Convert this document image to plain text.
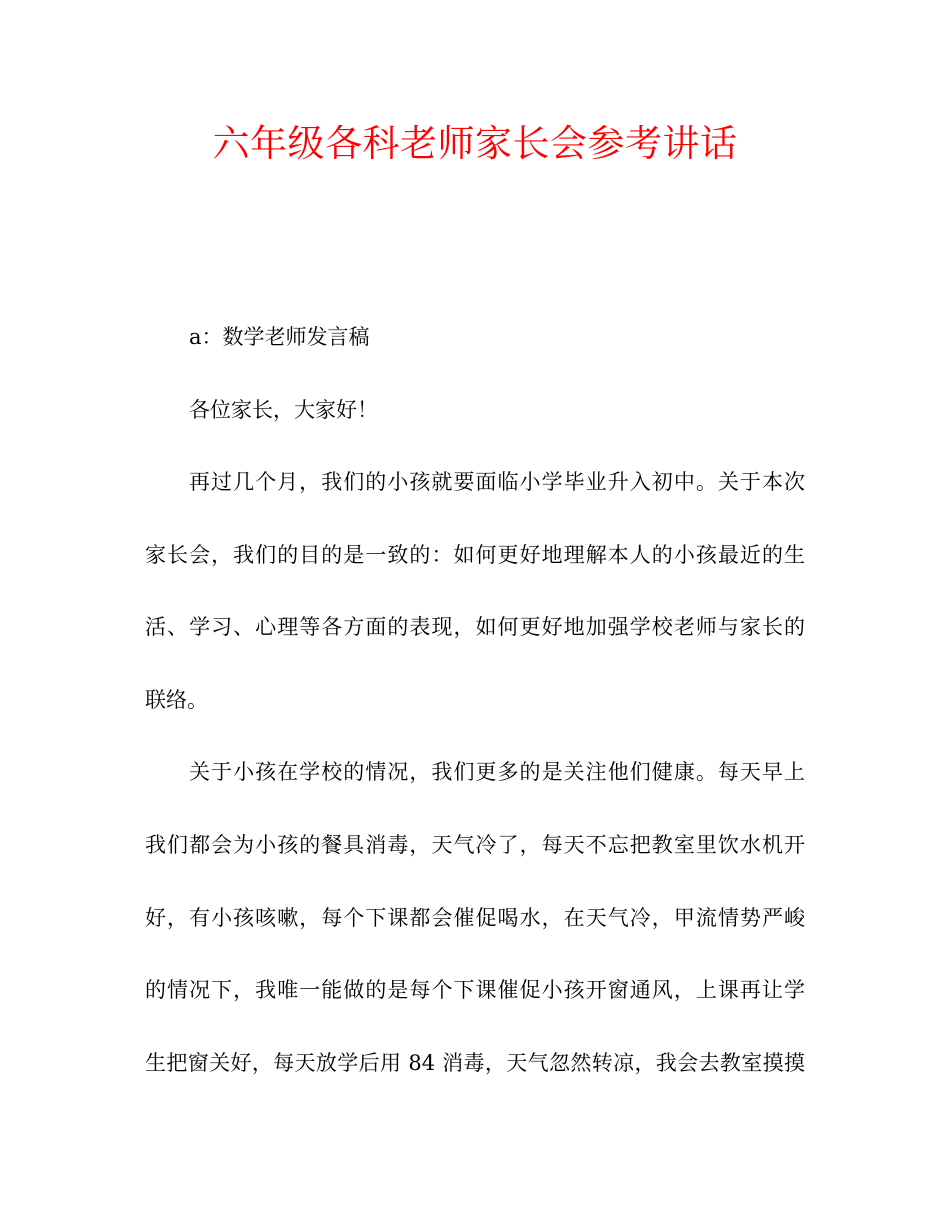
六年级各科老师家长会参考讲话

a：数学老师发言稿

各位家长，大家好！

再过几个月，我们的小孩就要面临小学毕业升入初中。关于本次

家长会，我们的目的是一致的：如何更好地理解本人的小孩最近的生

活、学习、心理等各方面的表现，如何更好地加强学校老师与家长的

联络。

关于小孩在学校的情况，我们更多的是关注他们健康。每天早上

我们都会为小孩的餐具消毒，天气冷了，每天不忘把教室里饮水机开

好，有小孩咳嗽，每个下课都会催促喝水，在天气冷，甲流情势严峻

的情况下，我唯一能做的是每个下课催促小孩开窗通风，上课再让学

生把窗关好，每天放学后用 84 消毒，天气忽然转凉，我会去教室摸摸
